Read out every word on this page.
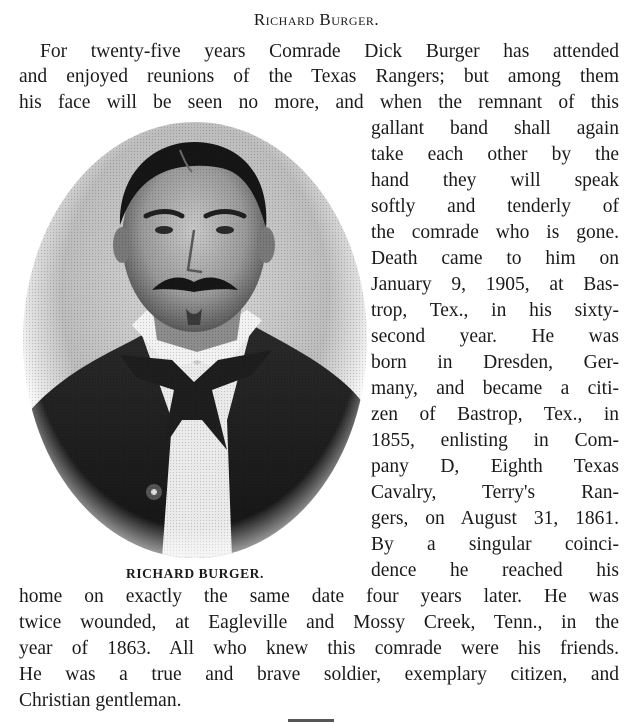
Richard Burger.
For twenty-five years Comrade Dick Burger has attended
and enjoyed reunions of the Texas Rangers; but among them
his face will be seen no more, and when the remnant of this
gallant band shall again
take each other by the
hand they will speak
softly and tenderly of
the comrade who is gone.
Death came to him on
January 9, 1905, at Bas-
trop, Tex., in his sixty-
second year. He was
born in Dresden, Ger-
many, and became a citi-
zen of Bastrop, Tex., in
1855, enlisting in Com-
pany D, Eighth Texas
Cavalry, Terry's Ran-
gers, on August 31, 1861.
By a singular coinci-
dence he reached his
home on exactly the same date four years later. He was
twice wounded, at Eagleville and Mossy Creek, Tenn., in the
year of 1863. All who knew this comrade were his friends.
He was a true and brave soldier, exemplary citizen, and
Christian gentleman.
RICHARD BURGER.
